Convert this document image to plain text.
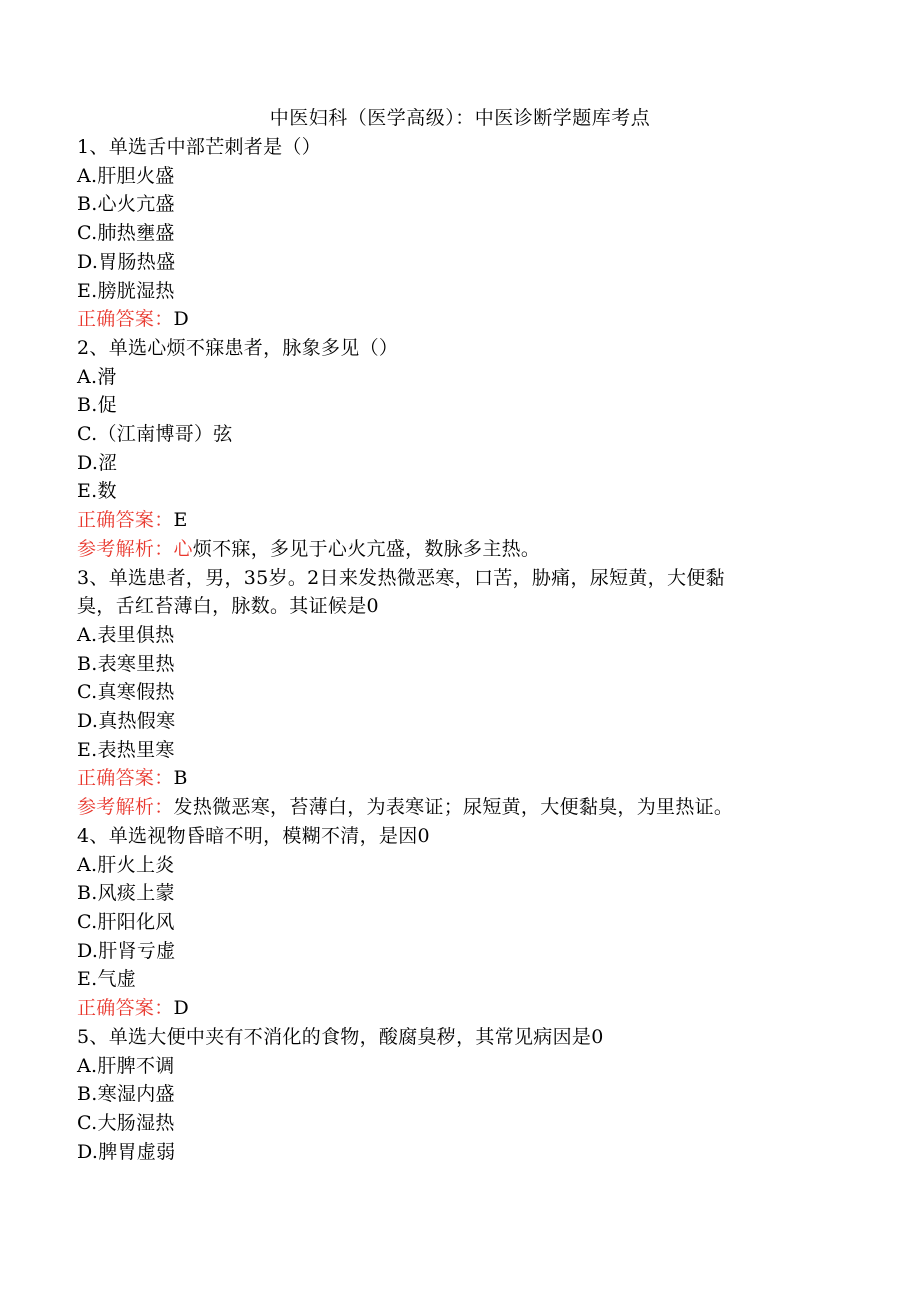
中医妇科（医学高级）：中医诊断学题库考点
1、单选舌中部芒刺者是（）
A.肝胆火盛
B.心火亢盛
C.肺热壅盛
D.胃肠热盛
E.膀胱湿热
正确答案：D
2、单选心烦不寐患者，脉象多见（）
A.滑
B.促
C.（江南博哥）弦
D.涩
E.数
正确答案：E
参考解析：心烦不寐，多见于心火亢盛，数脉多主热。
3、单选患者，男，35岁。2日来发热微恶寒，口苦，胁痛，尿短黄，大便黏
臭，舌红苔薄白，脉数。其证候是0
A.表里俱热
B.表寒里热
C.真寒假热
D.真热假寒
E.表热里寒
正确答案：B
参考解析：发热微恶寒，苔薄白，为表寒证；尿短黄，大便黏臭，为里热证。
4、单选视物昏暗不明，模糊不清，是因0
A.肝火上炎
B.风痰上蒙
C.肝阳化风
D.肝肾亏虚
E.气虚
正确答案：D
5、单选大便中夹有不消化的食物，酸腐臭秽，其常见病因是0
A.肝脾不调
B.寒湿内盛
C.大肠湿热
D.脾胃虚弱
